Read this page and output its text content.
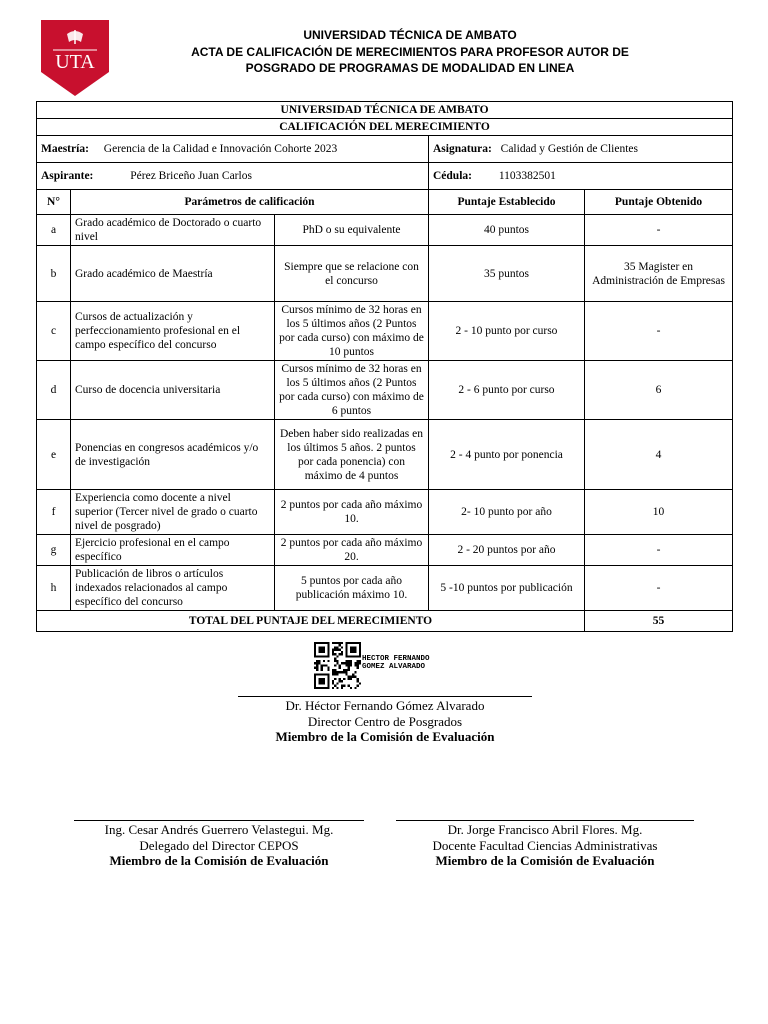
UTA
UNIVERSIDAD TÉCNICA DE AMBATO
ACTA DE CALIFICACIÓN DE MERECIMIENTOS PARA PROFESOR AUTOR DE
POSGRADO DE PROGRAMAS DE MODALIDAD EN LINEA
UNIVERSIDAD TÉCNICA DE AMBATO				
CALIFICACIÓN DEL MERECIMIENTO				
Maestría: Gerencia de la Calidad e Innovación Cohorte 2023			Asignatura: Calidad y Gestión de Clientes	
Aspirante: Pérez Briceño Juan Carlos			Cédula: 1103382501	
N°	Parámetros de calificación		Puntaje Establecido	Puntaje Obtenido
a	Grado académico de Doctorado o cuarto nivel	PhD o su equivalente	40 puntos	-
b	Grado académico de Maestría	Siempre que se relacione con el concurso	35 puntos	35 Magister en Administración de Empresas
c	Cursos de actualización y perfeccionamiento profesional en el campo específico del concurso	Cursos mínimo de 32 horas en los 5 últimos años (2 Puntos por cada curso) con máximo de 10 puntos	2 - 10 punto por curso	-
d	Curso de docencia universitaria	Cursos mínimo de 32 horas en los 5 últimos años (2 Puntos por cada curso) con máximo de 6 puntos	2 - 6 punto por curso	6
e	Ponencias en congresos académicos y/o de investigación	Deben haber sido realizadas en los últimos 5 años. 2 puntos por cada ponencia) con máximo de 4 puntos	2 - 4 punto por ponencia	4
f	Experiencia como docente a nivel superior (Tercer nivel de grado o cuarto nivel de posgrado)	2 puntos por cada año máximo 10.	2- 10 punto por año	10
g	Ejercicio profesional en el campo específico	2 puntos por cada año máximo 20.	2 - 20 puntos por año	-
h	Publicación de libros o artículos indexados relacionados al campo específico del concurso	5 puntos por cada año publicación máximo 10.	5 -10 puntos por publicación	-
TOTAL DEL PUNTAJE DEL MERECIMIENTO				55
HECTOR FERNANDO
GOMEZ ALVARADO
Dr. Héctor Fernando Gómez Alvarado
Director Centro de Posgrados
Miembro de la Comisión de Evaluación
Ing. Cesar Andrés Guerrero Velastegui. Mg.
Delegado del Director CEPOS
Miembro de la Comisión de Evaluación
Dr. Jorge Francisco Abril Flores. Mg.
Docente Facultad Ciencias Administrativas
Miembro de la Comisión de Evaluación
